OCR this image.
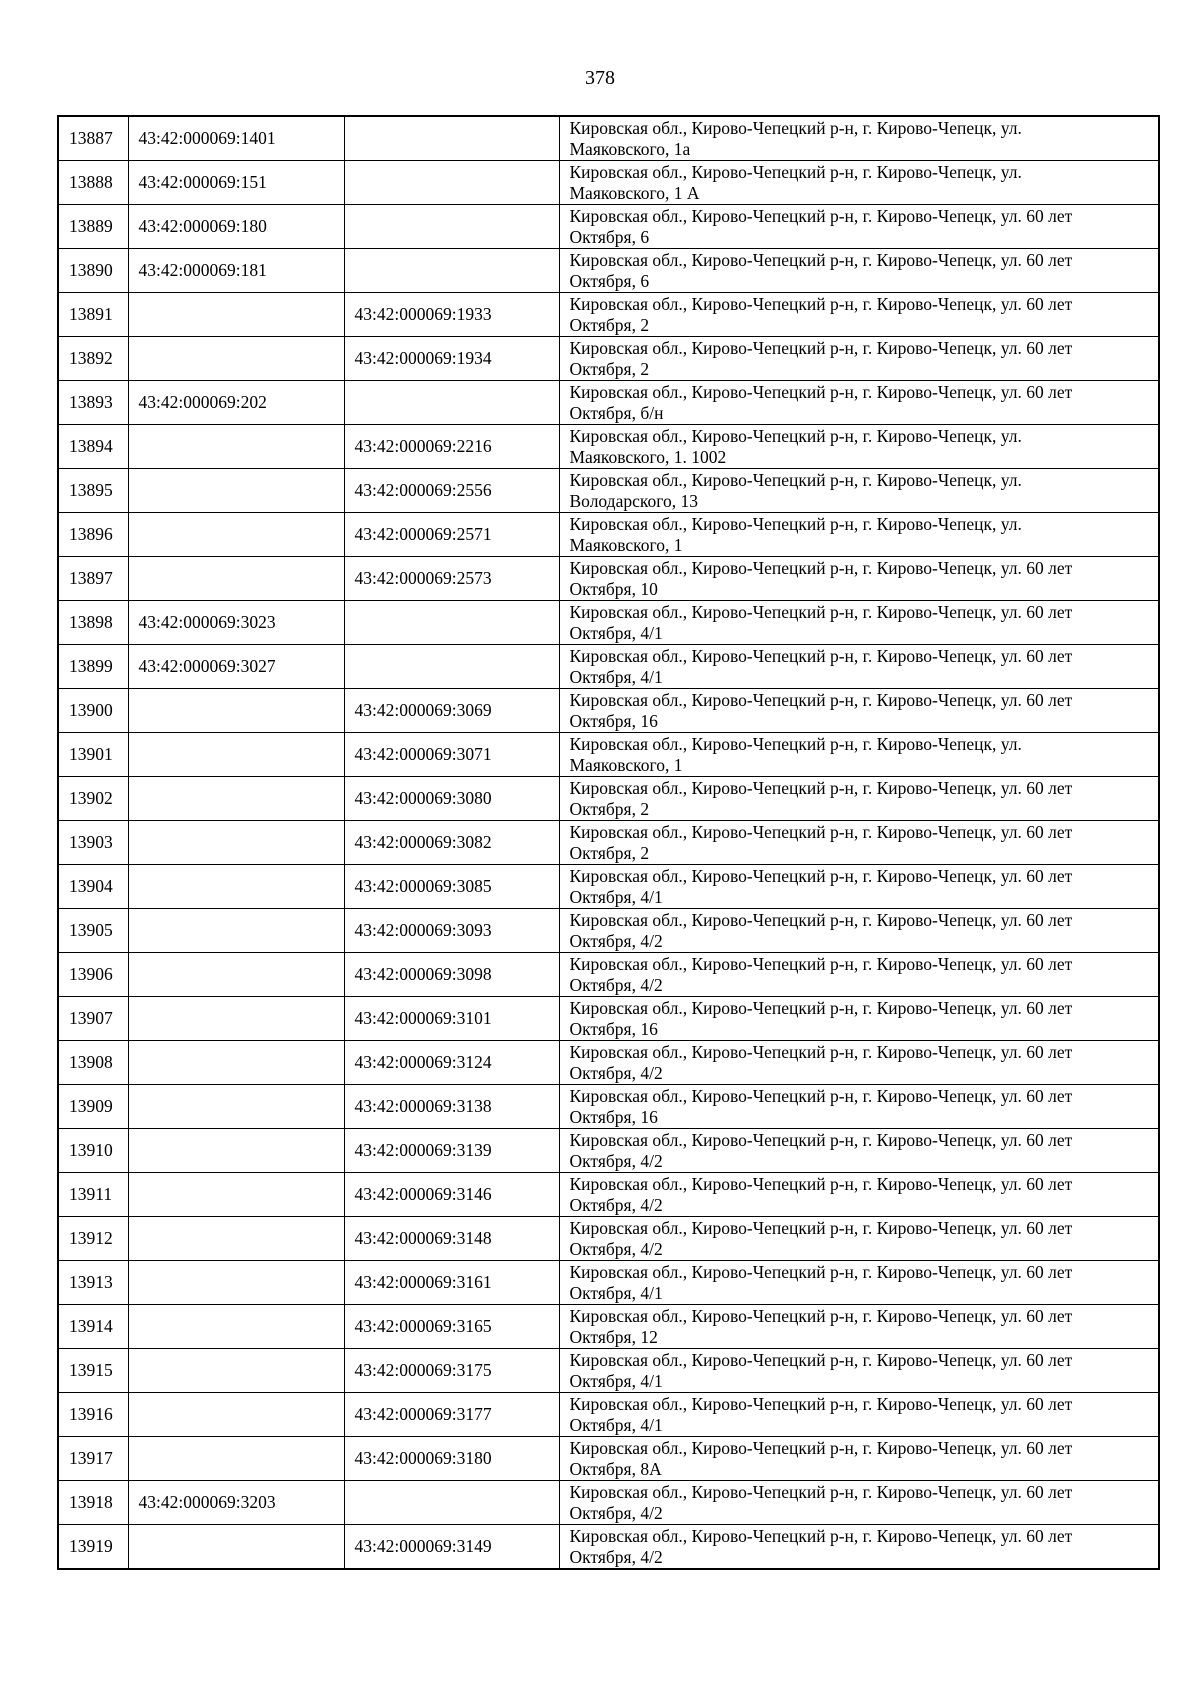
378
13887	43:42:000069:1401		Кировская обл., Кирово-Чепецкий р-н, г. Кирово-Чепецк, ул.
Маяковского, 1а

13888	43:42:000069:151		Кировская обл., Кирово-Чепецкий р-н, г. Кирово-Чепецк, ул.
Маяковского, 1 А

13889	43:42:000069:180		Кировская обл., Кирово-Чепецкий р-н, г. Кирово-Чепецк, ул. 60 лет
Октября, 6

13890	43:42:000069:181		Кировская обл., Кирово-Чепецкий р-н, г. Кирово-Чепецк, ул. 60 лет
Октября, 6

13891		43:42:000069:1933	Кировская обл., Кирово-Чепецкий р-н, г. Кирово-Чепецк, ул. 60 лет
Октября, 2

13892		43:42:000069:1934	Кировская обл., Кирово-Чепецкий р-н, г. Кирово-Чепецк, ул. 60 лет
Октября, 2

13893	43:42:000069:202		Кировская обл., Кирово-Чепецкий р-н, г. Кирово-Чепецк, ул. 60 лет
Октября, б/н

13894		43:42:000069:2216	Кировская обл., Кирово-Чепецкий р-н, г. Кирово-Чепецк, ул.
Маяковского, 1. 1002

13895		43:42:000069:2556	Кировская обл., Кирово-Чепецкий р-н, г. Кирово-Чепецк, ул.
Володарского, 13

13896		43:42:000069:2571	Кировская обл., Кирово-Чепецкий р-н, г. Кирово-Чепецк, ул.
Маяковского, 1

13897		43:42:000069:2573	Кировская обл., Кирово-Чепецкий р-н, г. Кирово-Чепецк, ул. 60 лет
Октября, 10

13898	43:42:000069:3023		Кировская обл., Кирово-Чепецкий р-н, г. Кирово-Чепецк, ул. 60 лет
Октября, 4/1

13899	43:42:000069:3027		Кировская обл., Кирово-Чепецкий р-н, г. Кирово-Чепецк, ул. 60 лет
Октября, 4/1

13900		43:42:000069:3069	Кировская обл., Кирово-Чепецкий р-н, г. Кирово-Чепецк, ул. 60 лет
Октября, 16

13901		43:42:000069:3071	Кировская обл., Кирово-Чепецкий р-н, г. Кирово-Чепецк, ул.
Маяковского, 1

13902		43:42:000069:3080	Кировская обл., Кирово-Чепецкий р-н, г. Кирово-Чепецк, ул. 60 лет
Октября, 2

13903		43:42:000069:3082	Кировская обл., Кирово-Чепецкий р-н, г. Кирово-Чепецк, ул. 60 лет
Октября, 2

13904		43:42:000069:3085	Кировская обл., Кирово-Чепецкий р-н, г. Кирово-Чепецк, ул. 60 лет
Октября, 4/1

13905		43:42:000069:3093	Кировская обл., Кирово-Чепецкий р-н, г. Кирово-Чепецк, ул. 60 лет
Октября, 4/2

13906		43:42:000069:3098	Кировская обл., Кирово-Чепецкий р-н, г. Кирово-Чепецк, ул. 60 лет
Октября, 4/2

13907		43:42:000069:3101	Кировская обл., Кирово-Чепецкий р-н, г. Кирово-Чепецк, ул. 60 лет
Октября, 16

13908		43:42:000069:3124	Кировская обл., Кирово-Чепецкий р-н, г. Кирово-Чепецк, ул. 60 лет
Октября, 4/2

13909		43:42:000069:3138	Кировская обл., Кирово-Чепецкий р-н, г. Кирово-Чепецк, ул. 60 лет
Октября, 16

13910		43:42:000069:3139	Кировская обл., Кирово-Чепецкий р-н, г. Кирово-Чепецк, ул. 60 лет
Октября, 4/2

13911		43:42:000069:3146	Кировская обл., Кирово-Чепецкий р-н, г. Кирово-Чепецк, ул. 60 лет
Октября, 4/2

13912		43:42:000069:3148	Кировская обл., Кирово-Чепецкий р-н, г. Кирово-Чепецк, ул. 60 лет
Октября, 4/2

13913		43:42:000069:3161	Кировская обл., Кирово-Чепецкий р-н, г. Кирово-Чепецк, ул. 60 лет
Октября, 4/1

13914		43:42:000069:3165	Кировская обл., Кирово-Чепецкий р-н, г. Кирово-Чепецк, ул. 60 лет
Октября, 12

13915		43:42:000069:3175	Кировская обл., Кирово-Чепецкий р-н, г. Кирово-Чепецк, ул. 60 лет
Октября, 4/1

13916		43:42:000069:3177	Кировская обл., Кирово-Чепецкий р-н, г. Кирово-Чепецк, ул. 60 лет
Октября, 4/1

13917		43:42:000069:3180	Кировская обл., Кирово-Чепецкий р-н, г. Кирово-Чепецк, ул. 60 лет
Октября, 8А

13918	43:42:000069:3203		Кировская обл., Кирово-Чепецкий р-н, г. Кирово-Чепецк, ул. 60 лет
Октября, 4/2

13919		43:42:000069:3149	Кировская обл., Кирово-Чепецкий р-н, г. Кирово-Чепецк, ул. 60 лет
Октября, 4/2
